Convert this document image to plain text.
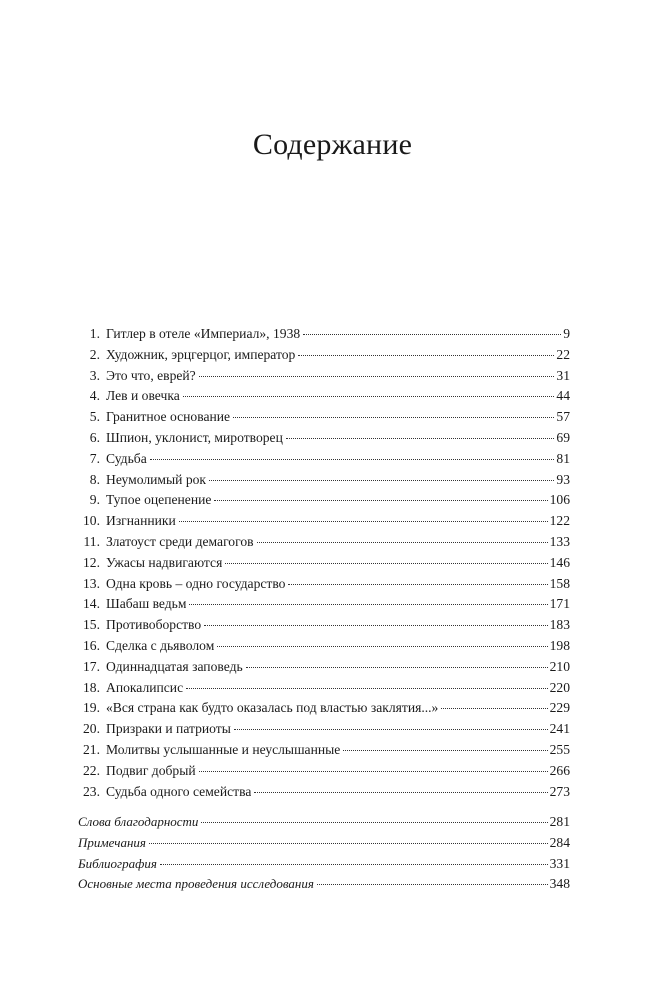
Содержание
1. Гитлер в отеле «Империал», 1938	9
2. Художник, эрцгерцог, император	22
3. Это что, еврей?	31
4. Лев и овечка	44
5. Гранитное основание	57
6. Шпион, уклонист, миротворец	69
7. Судьба	81
8. Неумолимый рок	93
9. Тупое оцепенение	106
10. Изгнанники	122
11. Златоуст среди демагогов	133
12. Ужасы надвигаются	146
13. Одна кровь – одно государство	158
14. Шабаш ведьм	171
15. Противоборство	183
16. Сделка с дьяволом	198
17. Одиннадцатая заповедь	210
18. Апокалипсис	220
19. «Вся страна как будто оказалась под властью заклятия...»	229
20. Призраки и патриоты	241
21. Молитвы услышанные и неуслышанные	255
22. Подвиг добрый	266
23. Судьба одного семейства	273
Слова благодарности	281
Примечания	284
Библиография	331
Основные места проведения исследования	348
